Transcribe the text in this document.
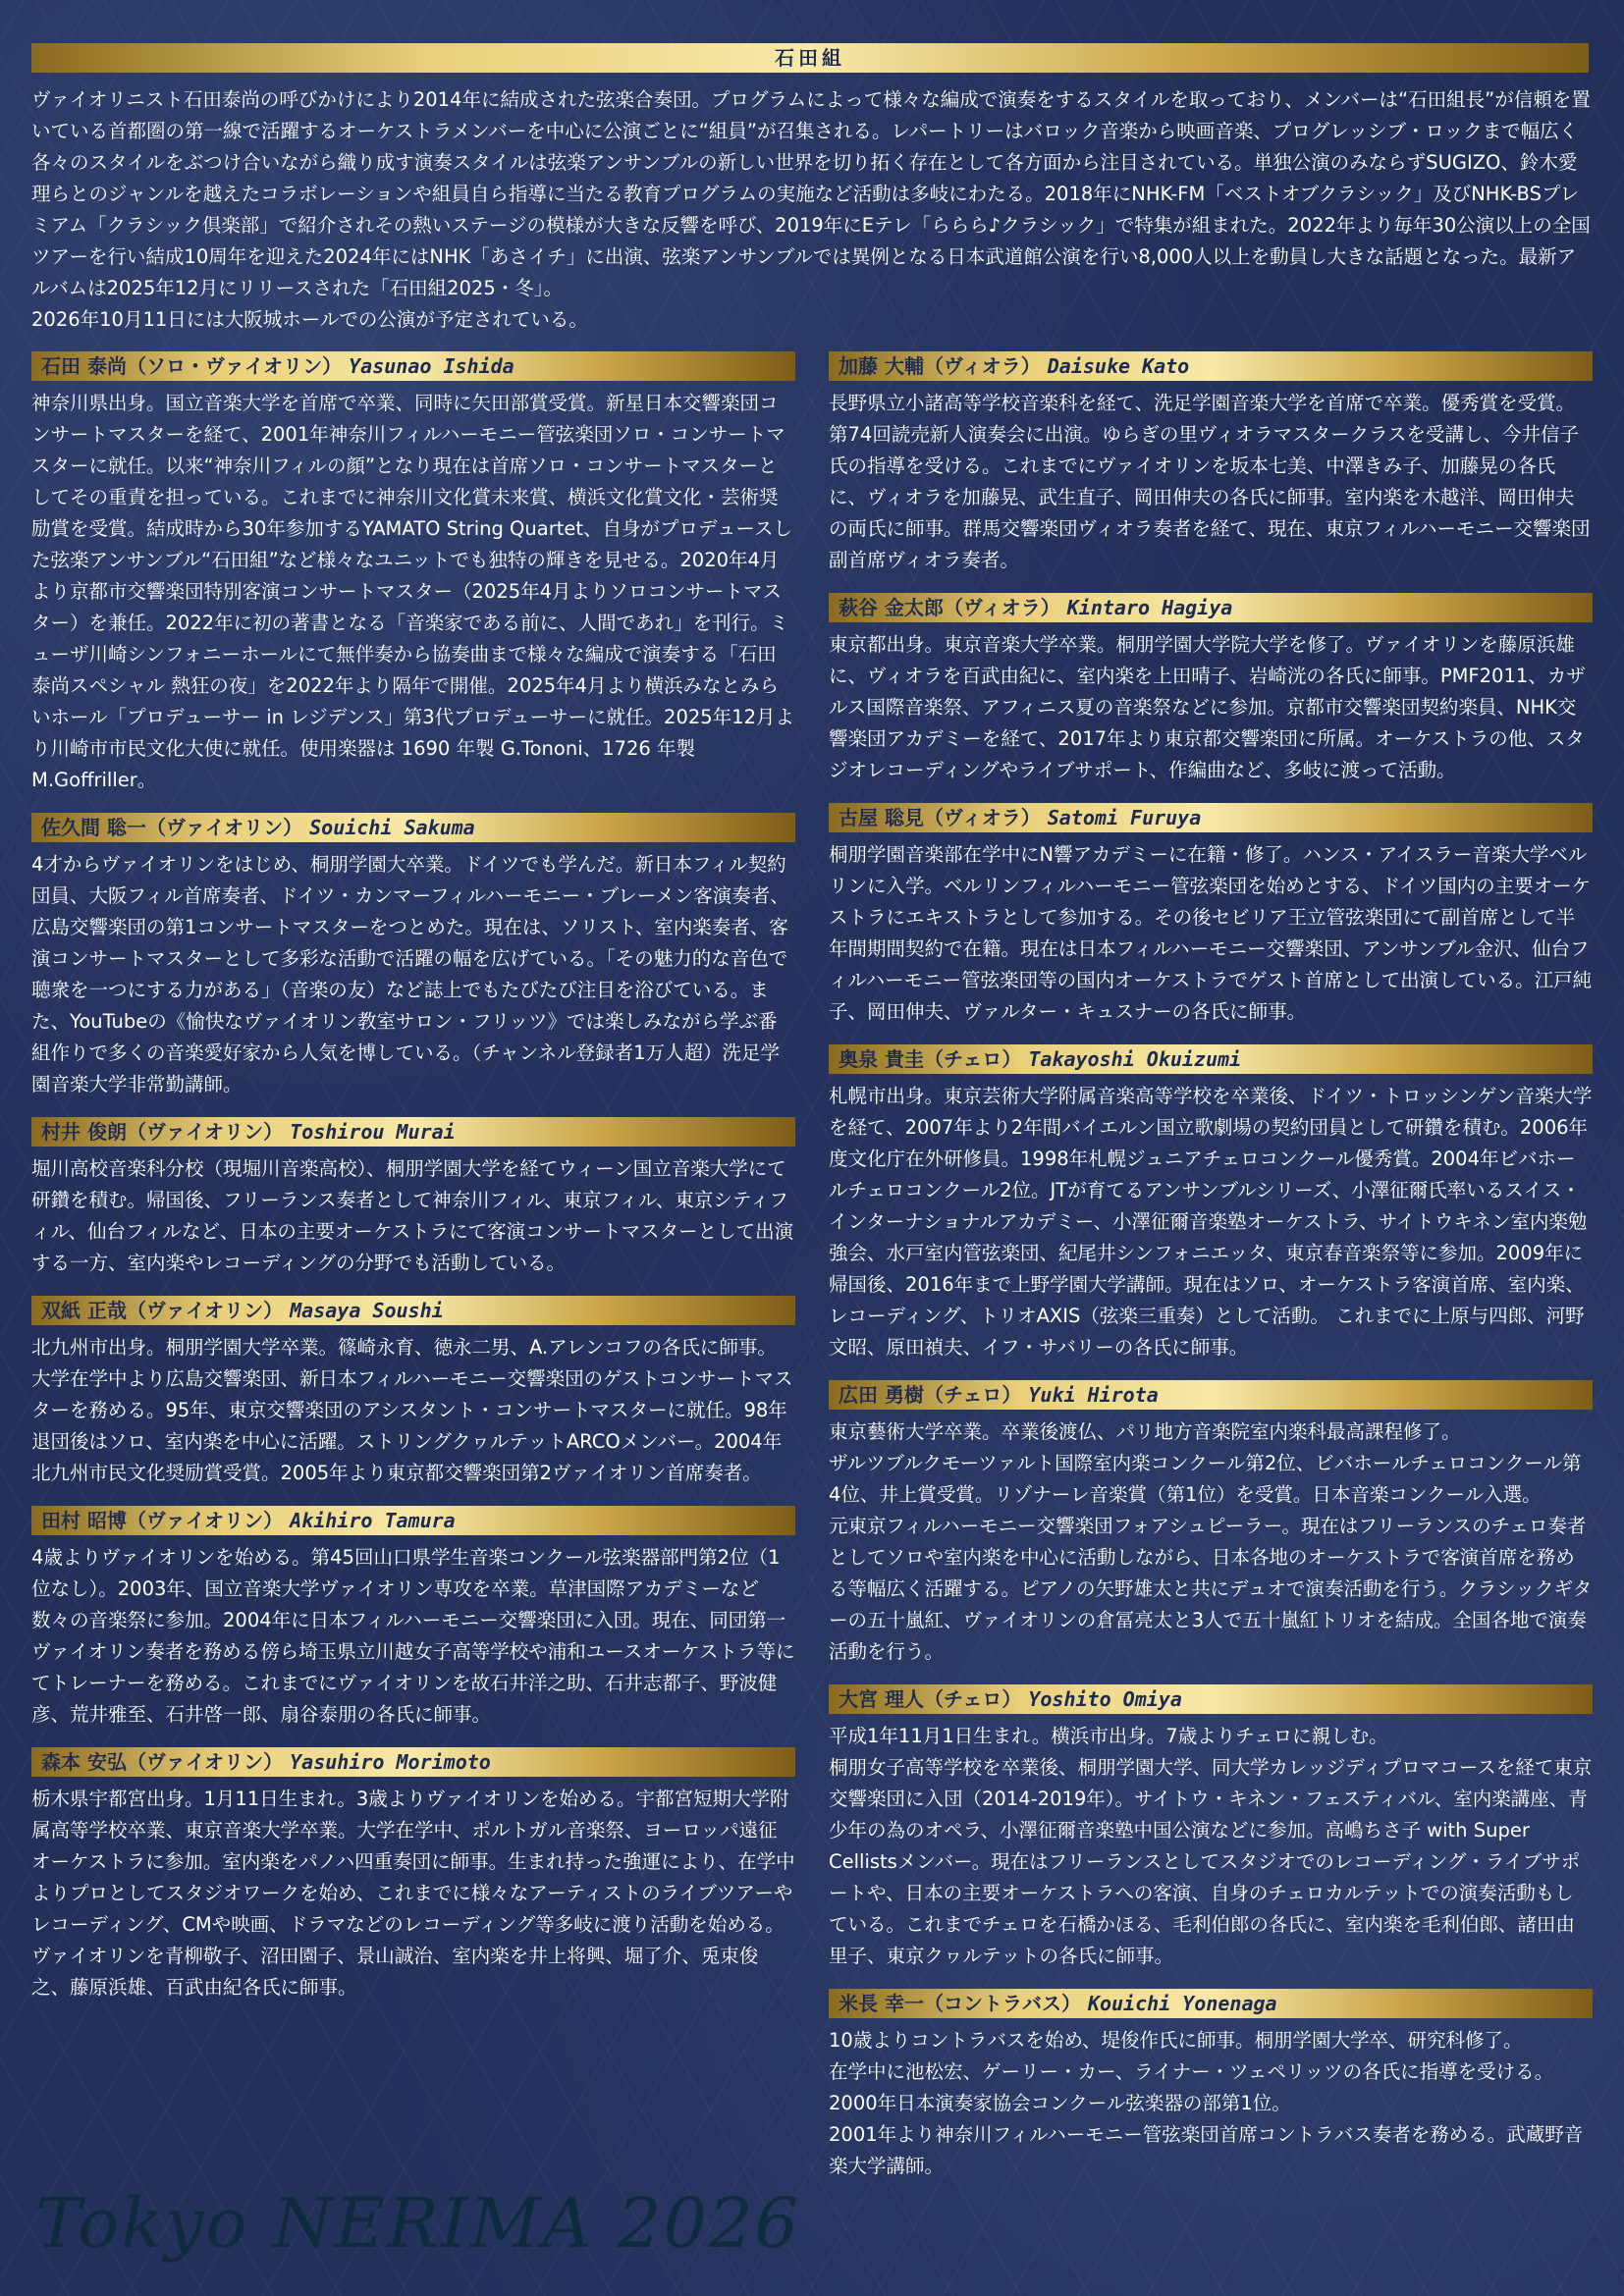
石田組

ヴァイオリニスト石田泰尚の呼びかけにより2014年に結成された弦楽合奏団。プログラムによって様々な編成で演奏をするスタイルを取っており、メンバーは“石田組長”が信頼を置いている首都圏の第一線で活躍するオーケストラメンバーを中心に公演ごとに“組員”が召集される。レパートリーはバロック音楽から映画音楽、プログレッシブ・ロックまで幅広く各々のスタイルをぶつけ合いながら織り成す演奏スタイルは弦楽アンサンブルの新しい世界を切り拓く存在として各方面から注目されている。単独公演のみならずSUGIZO、鈴木愛理らとのジャンルを越えたコラボレーションや組員自ら指導に当たる教育プログラムの実施など活動は多岐にわたる。2018年にNHK-FM「ベストオブクラシック」及びNHK-BSプレミアム「クラシック倶楽部」で紹介されその熱いステージの模様が大きな反響を呼び、2019年にEテレ「ららら♪クラシック」で特集が組まれた。2022年より毎年30公演以上の全国ツアーを行い結成10周年を迎えた2024年にはNHK「あさイチ」に出演、弦楽アンサンブルでは異例となる日本武道館公演を行い8,000人以上を動員し大きな話題となった。最新アルバムは2025年12月にリリースされた「石田組2025・冬」。
2026年10月11日には大阪城ホールでの公演が予定されている。

石田 泰尚（ソロ・ヴァイオリン） Yasunao Ishida

神奈川県出身。国立音楽大学を首席で卒業、同時に矢田部賞受賞。新星日本交響楽団コンサートマスターを経て、2001年神奈川フィルハーモニー管弦楽団ソロ・コンサートマスターに就任。以来“神奈川フィルの顔”となり現在は首席ソロ・コンサートマスターとしてその重責を担っている。これまでに神奈川文化賞未来賞、横浜文化賞文化・芸術奨励賞を受賞。結成時から30年参加するYAMATO String Quartet、自身がプロデュースした弦楽アンサンブル“石田組”など様々なユニットでも独特の輝きを見せる。2020年4月より京都市交響楽団特別客演コンサートマスター（2025年4月よりソロコンサートマスター）を兼任。2022年に初の著書となる「音楽家である前に、人間であれ」を刊行。ミューザ川崎シンフォニーホールにて無伴奏から協奏曲まで様々な編成で演奏する「石田泰尚スペシャル 熱狂の夜」を2022年より隔年で開催。2025年4月より横浜みなとみらいホール「プロデューサー in レジデンス」第3代プロデューサーに就任。2025年12月より川崎市市民文化大使に就任。使用楽器は 1690 年製 G.Tononi、1726 年製 M.Goffriller。

佐久間 聡一（ヴァイオリン） Souichi Sakuma

4才からヴァイオリンをはじめ、桐朋学園大卒業。ドイツでも学んだ。新日本フィル契約団員、大阪フィル首席奏者、ドイツ・カンマーフィルハーモニー・ブレーメン客演奏者、広島交響楽団の第1コンサートマスターをつとめた。現在は、ソリスト、室内楽奏者、客演コンサートマスターとして多彩な活動で活躍の幅を広げている。「その魅力的な音色で聴衆を一つにする力がある」（音楽の友）など誌上でもたびたび注目を浴びている。また、YouTubeの《愉快なヴァイオリン教室サロン・フリッツ》では楽しみながら学ぶ番組作りで多くの音楽愛好家から人気を博している。（チャンネル登録者1万人超）洗足学園音楽大学非常勤講師。

村井 俊朗（ヴァイオリン） Toshirou Murai

堀川高校音楽科分校（現堀川音楽高校）、桐朋学園大学を経てウィーン国立音楽大学にて研鑽を積む。帰国後、フリーランス奏者として神奈川フィル、東京フィル、東京シティフィル、仙台フィルなど、日本の主要オーケストラにて客演コンサートマスターとして出演する一方、室内楽やレコーディングの分野でも活動している。

双紙 正哉（ヴァイオリン） Masaya Soushi

北九州市出身。桐朋学園大学卒業。篠崎永育、徳永二男、A.アレンコフの各氏に師事。大学在学中より広島交響楽団、新日本フィルハーモニー交響楽団のゲストコンサートマスターを務める。95年、東京交響楽団のアシスタント・コンサートマスターに就任。98年退団後はソロ、室内楽を中心に活躍。ストリングクヮルテットARCOメンバー。2004年北九州市民文化奨励賞受賞。2005年より東京都交響楽団第2ヴァイオリン首席奏者。

田村 昭博（ヴァイオリン） Akihiro Tamura

4歳よりヴァイオリンを始める。第45回山口県学生音楽コンクール弦楽器部門第2位（1位なし）。2003年、国立音楽大学ヴァイオリン専攻を卒業。草津国際アカデミーなど数々の音楽祭に参加。2004年に日本フィルハーモニー交響楽団に入団。現在、同団第一ヴァイオリン奏者を務める傍ら埼玉県立川越女子高等学校や浦和ユースオーケストラ等にてトレーナーを務める。これまでにヴァイオリンを故石井洋之助、石井志都子、野波健彦、荒井雅至、石井啓一郎、扇谷泰朋の各氏に師事。

森本 安弘（ヴァイオリン） Yasuhiro Morimoto

栃木県宇都宮出身。1月11日生まれ。3歳よりヴァイオリンを始める。宇都宮短期大学附属高等学校卒業、東京音楽大学卒業。大学在学中、ポルトガル音楽祭、ヨーロッパ遠征オーケストラに参加。室内楽をパノハ四重奏団に師事。生まれ持った強運により、在学中よりプロとしてスタジオワークを始め、これまでに様々なアーティストのライブツアーやレコーディング、CMや映画、ドラマなどのレコーディング等多岐に渡り活動を始める。ヴァイオリンを青柳敬子、沼田園子、景山誠治、室内楽を井上将興、堀了介、兎束俊之、藤原浜雄、百武由紀各氏に師事。

加藤 大輔（ヴィオラ） Daisuke Kato

長野県立小諸高等学校音楽科を経て、洗足学園音楽大学を首席で卒業。優秀賞を受賞。第74回読売新人演奏会に出演。ゆらぎの里ヴィオラマスタークラスを受講し、今井信子氏の指導を受ける。これまでにヴァイオリンを坂本七美、中澤きみ子、加藤晃の各氏に、ヴィオラを加藤晃、武生直子、岡田伸夫の各氏に師事。室内楽を木越洋、岡田伸夫の両氏に師事。群馬交響楽団ヴィオラ奏者を経て、現在、東京フィルハーモニー交響楽団副首席ヴィオラ奏者。

萩谷 金太郎（ヴィオラ） Kintaro Hagiya

東京都出身。東京音楽大学卒業。桐朋学園大学院大学を修了。ヴァイオリンを藤原浜雄に、ヴィオラを百武由紀に、室内楽を上田晴子、岩崎洸の各氏に師事。PMF2011、カザルス国際音楽祭、アフィニス夏の音楽祭などに参加。京都市交響楽団契約楽員、NHK交響楽団アカデミーを経て、2017年より東京都交響楽団に所属。オーケストラの他、スタジオレコーディングやライブサポート、作編曲など、多岐に渡って活動。

古屋 聡見（ヴィオラ） Satomi Furuya

桐朋学園音楽部在学中にN響アカデミーに在籍・修了。ハンス・アイスラー音楽大学ベルリンに入学。ベルリンフィルハーモニー管弦楽団を始めとする、ドイツ国内の主要オーケストラにエキストラとして参加する。その後セビリア王立管弦楽団にて副首席として半年間期間契約で在籍。現在は日本フィルハーモニー交響楽団、アンサンブル金沢、仙台フィルハーモニー管弦楽団等の国内オーケストラでゲスト首席として出演している。江戸純子、岡田伸夫、ヴァルター・キュスナーの各氏に師事。

奥泉 貴圭（チェロ） Takayoshi Okuizumi

札幌市出身。東京芸術大学附属音楽高等学校を卒業後、ドイツ・トロッシンゲン音楽大学を経て、2007年より2年間バイエルン国立歌劇場の契約団員として研鑽を積む。2006年度文化庁在外研修員。1998年札幌ジュニアチェロコンクール優秀賞。2004年ビバホールチェロコンクール2位。JTが育てるアンサンブルシリーズ、小澤征爾氏率いるスイス・インターナショナルアカデミー、小澤征爾音楽塾オーケストラ、サイトウキネン室内楽勉強会、水戸室内管弦楽団、紀尾井シンフォニエッタ、東京春音楽祭等に参加。2009年に帰国後、2016年まで上野学園大学講師。現在はソロ、オーケストラ客演首席、室内楽、レコーディング、トリオAXIS（弦楽三重奏）として活動。 これまでに上原与四郎、河野文昭、原田禎夫、イフ・サバリーの各氏に師事。

広田 勇樹（チェロ） Yuki Hirota

東京藝術大学卒業。卒業後渡仏、パリ地方音楽院室内楽科最高課程修了。
ザルツブルクモーツァルト国際室内楽コンクール第2位、ビバホールチェロコンクール第4位、井上賞受賞。リゾナーレ音楽賞（第1位）を受賞。日本音楽コンクール入選。
元東京フィルハーモニー交響楽団フォアシュピーラー。現在はフリーランスのチェロ奏者としてソロや室内楽を中心に活動しながら、日本各地のオーケストラで客演首席を務める等幅広く活躍する。ピアノの矢野雄太と共にデュオで演奏活動を行う。クラシックギターの五十嵐紅、ヴァイオリンの倉冨亮太と3人で五十嵐紅トリオを結成。全国各地で演奏活動を行う。

大宮 理人（チェロ） Yoshito Omiya

平成1年11月1日生まれ。横浜市出身。7歳よりチェロに親しむ。
桐朋女子高等学校を卒業後、桐朋学園大学、同大学カレッジディプロマコースを経て東京交響楽団に入団（2014-2019年）。サイトウ・キネン・フェスティバル、室内楽講座、青少年の為のオペラ、小澤征爾音楽塾中国公演などに参加。高嶋ちさ子 with Super Cellistsメンバー。現在はフリーランスとしてスタジオでのレコーディング・ライブサポートや、日本の主要オーケストラへの客演、自身のチェロカルテットでの演奏活動もしている。これまでチェロを石橋かほる、毛利伯郎の各氏に、室内楽を毛利伯郎、諸田由里子、東京クヮルテットの各氏に師事。

米長 幸一（コントラバス） Kouichi Yonenaga

10歳よりコントラバスを始め、堤俊作氏に師事。桐朋学園大学卒、研究科修了。
在学中に池松宏、ゲーリー・カー、ライナー・ツェペリッツの各氏に指導を受ける。
2000年日本演奏家協会コンクール弦楽器の部第1位。
2001年より神奈川フィルハーモニー管弦楽団首席コントラバス奏者を務める。武蔵野音楽大学講師。

Tokyo NERIMA 2026
